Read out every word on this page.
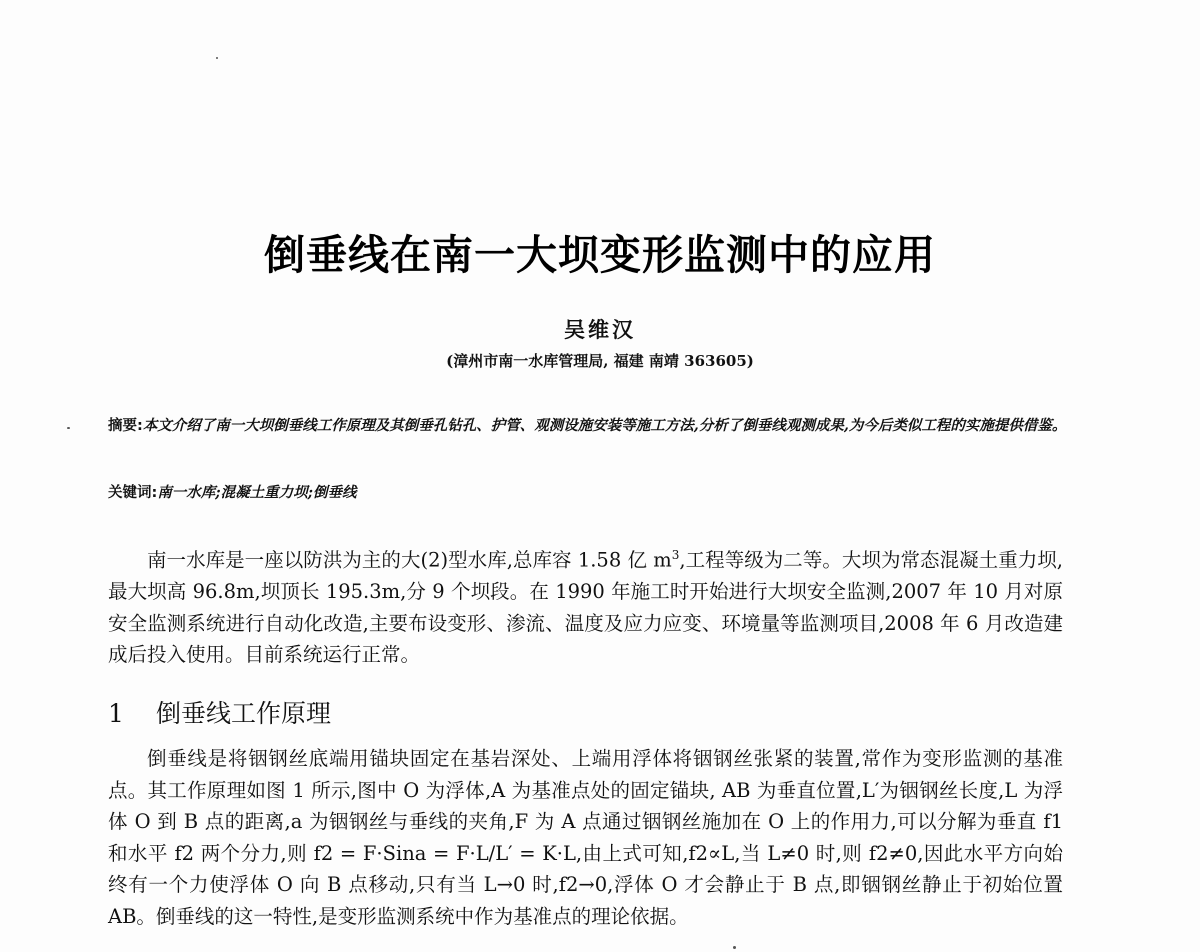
倒垂线在南一大坝变形监测中的应用
吴维汉
(漳州市南一水库管理局, 福建 南靖 363605)
摘要:本文介绍了南一大坝倒垂线工作原理及其倒垂孔钻孔、护管、观测设施安装等施工方法,分析了倒垂线观测成果,为今后类似工程的实施提供借鉴。
关键词:南一水库;混凝土重力坝;倒垂线
南一水库是一座以防洪为主的大(2)型水库,总库容 1.58 亿 $m^3$,工程等级为二等。大坝为常态混凝土重力坝,最大坝高 96.8m,坝顶长 195.3m,分 9 个坝段。在 1990 年施工时开始进行大坝安全监测,2007 年 10 月对原安全监测系统进行自动化改造,主要布设变形、渗流、温度及应力应变、环境量等监测项目,2008 年 6 月改造建成后投入使用。目前系统运行正常。
1 倒垂线工作原理
倒垂线是将铟钢丝底端用锚块固定在基岩深处、上端用浮体将铟钢丝张紧的装置,常作为变形监测的基准点。其工作原理如图 1 所示,图中 O 为浮体,A 为基准点处的固定锚块, AB 为垂直位置,L′为铟钢丝长度,L 为浮体 O 到 B 点的距离,a 为铟钢丝与垂线的夹角,F 为 A 点通过铟钢丝施加在 O 上的作用力,可以分解为垂直 f1 和水平 f2 两个分力,则 f2 = F·Sina = F·L/L′ = K·L,由上式可知,f2∝L,当 L≠0 时,则 f2≠0,因此水平方向始终有一个力使浮体 O 向 B 点移动,只有当 L→0 时,f2→0,浮体 O 才会静止于 B 点,即铟钢丝静止于初始位置 AB。倒垂线的这一特性,是变形监测系统中作为基准点的理论依据。
